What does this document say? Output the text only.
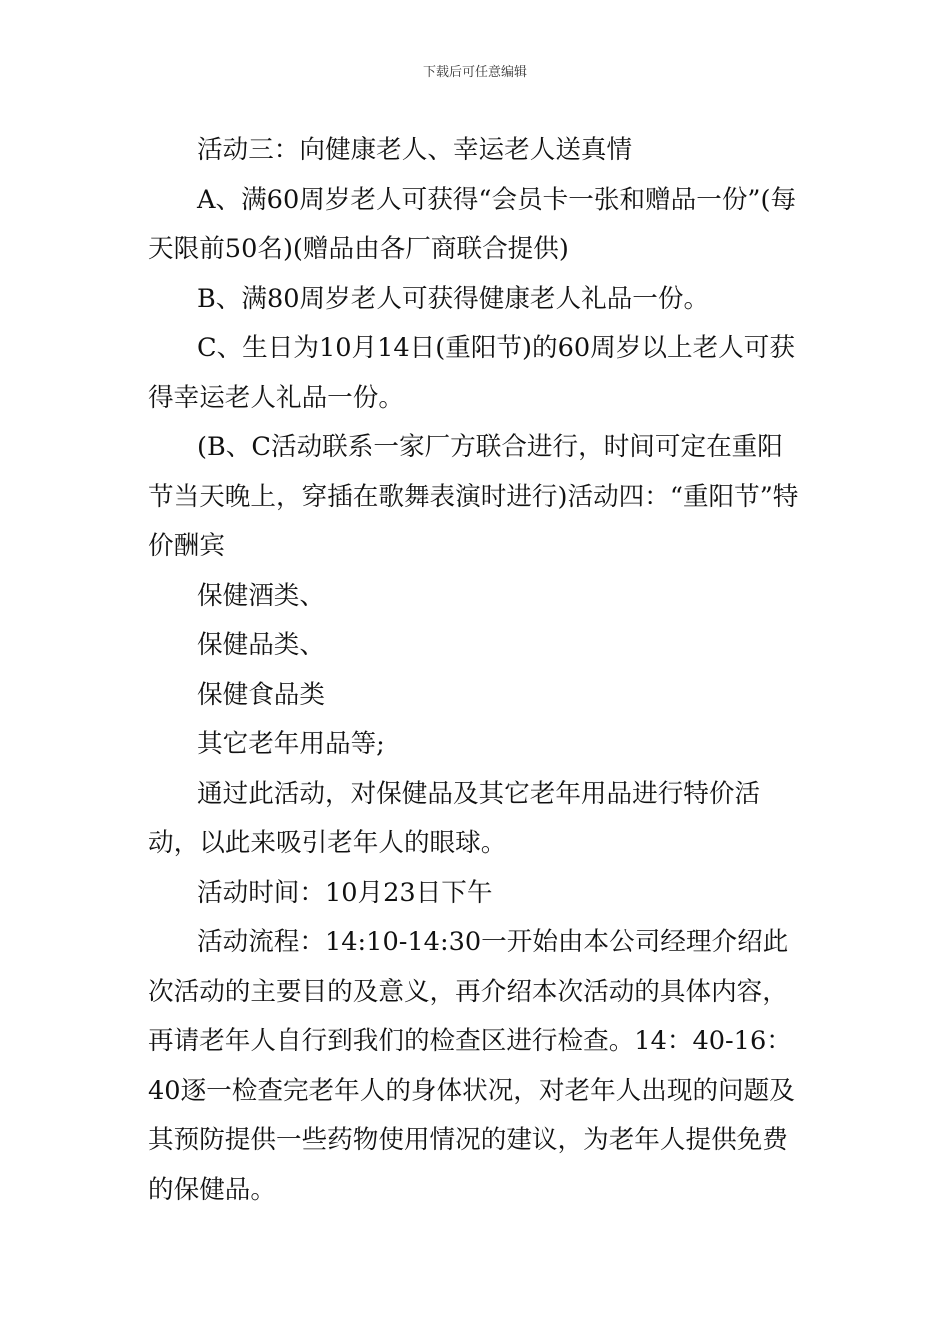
下载后可任意编辑

活动三：向健康老人、幸运老人送真情

A、满60周岁老人可获得“会员卡一张和赠品一份”(每天限前50名)(赠品由各厂商联合提供)

B、满80周岁老人可获得健康老人礼品一份。

C、生日为10月14日(重阳节)的60周岁以上老人可获得幸运老人礼品一份。

(B、C活动联系一家厂方联合进行，时间可定在重阳节当天晚上，穿插在歌舞表演时进行)活动四：“重阳节”特价酬宾

保健酒类、

保健品类、

保健食品类

其它老年用品等;

通过此活动，对保健品及其它老年用品进行特价活动，以此来吸引老年人的眼球。

活动时间：10月23日下午

活动流程：14:10-14:30一开始由本公司经理介绍此次活动的主要目的及意义，再介绍本次活动的具体内容，再请老年人自行到我们的检查区进行检查。14：40-16：40逐一检查完老年人的身体状况，对老年人出现的问题及其预防提供一些药物使用情况的建议，为老年人提供免费的保健品。
